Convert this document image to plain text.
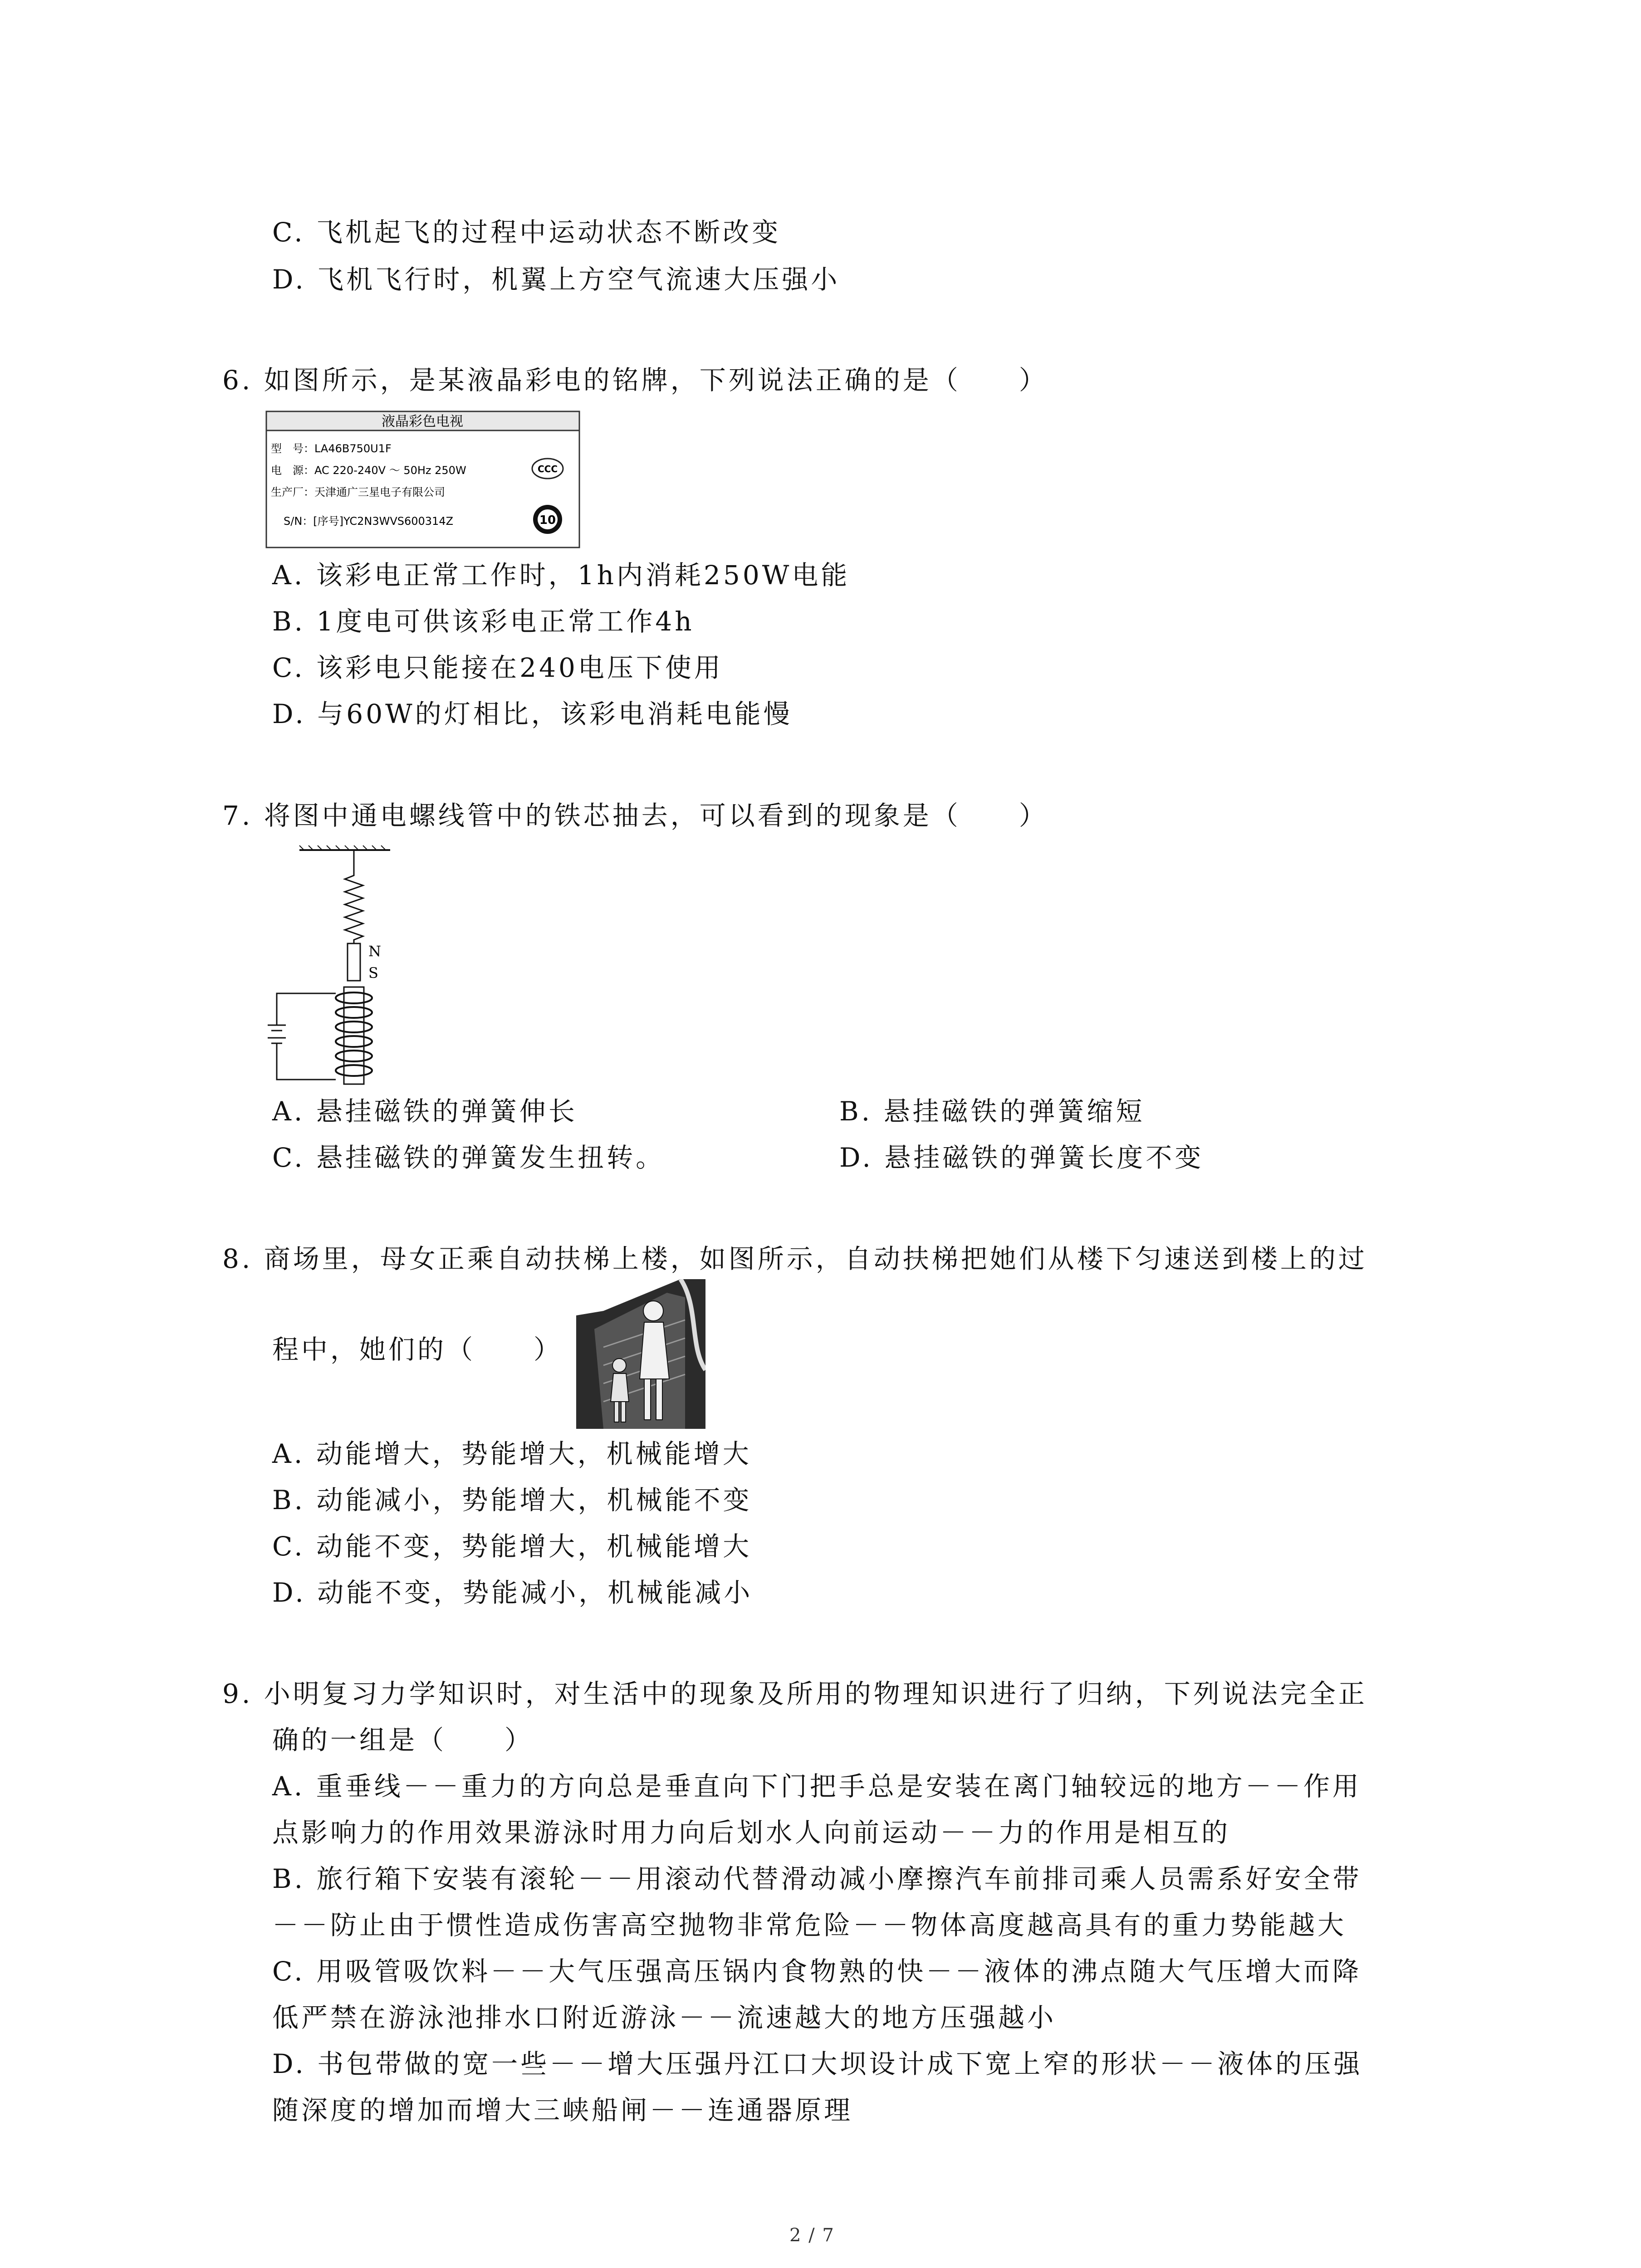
C. 飞机起飞的过程中运动状态不断改变
D. 飞机飞行时，机翼上方空气流速大压强小
6. 如图所示，是某液晶彩电的铭牌，下列说法正确的是（　　）
液晶彩色电视
型　号：LA46B750U1F
电　源：AC 220-240V ～ 50Hz 250W
生产厂：天津通广三星电子有限公司
S/N：[序号]YC2N3WVS600314Z
CCC
10
A. 该彩电正常工作时，1h内消耗250W电能
B. 1度电可供该彩电正常工作4h
C. 该彩电只能接在240电压下使用
D. 与60W的灯相比，该彩电消耗电能慢
7. 将图中通电螺线管中的铁芯抽去，可以看到的现象是（　　）
N
S
A. 悬挂磁铁的弹簧伸长	B. 悬挂磁铁的弹簧缩短
C. 悬挂磁铁的弹簧发生扭转。	D. 悬挂磁铁的弹簧长度不变
8. 商场里，母女正乘自动扶梯上楼，如图所示，自动扶梯把她们从楼下匀速送到楼上的过
程中，她们的（　　）
A. 动能增大，势能增大，机械能增大
B. 动能减小，势能增大，机械能不变
C. 动能不变，势能增大，机械能增大
D. 动能不变，势能减小，机械能减小
9. 小明复习力学知识时，对生活中的现象及所用的物理知识进行了归纳，下列说法完全正
确的一组是（　　）
A. 重垂线－－重力的方向总是垂直向下门把手总是安装在离门轴较远的地方－－作用
点影响力的作用效果游泳时用力向后划水人向前运动－－力的作用是相互的
B. 旅行箱下安装有滚轮－－用滚动代替滑动减小摩擦汽车前排司乘人员需系好安全带
－－防止由于惯性造成伤害高空抛物非常危险－－物体高度越高具有的重力势能越大
C. 用吸管吸饮料－－大气压强高压锅内食物熟的快－－液体的沸点随大气压增大而降
低严禁在游泳池排水口附近游泳－－流速越大的地方压强越小
D. 书包带做的宽一些－－增大压强丹江口大坝设计成下宽上窄的形状－－液体的压强
随深度的增加而增大三峡船闸－－连通器原理
2 / 7
